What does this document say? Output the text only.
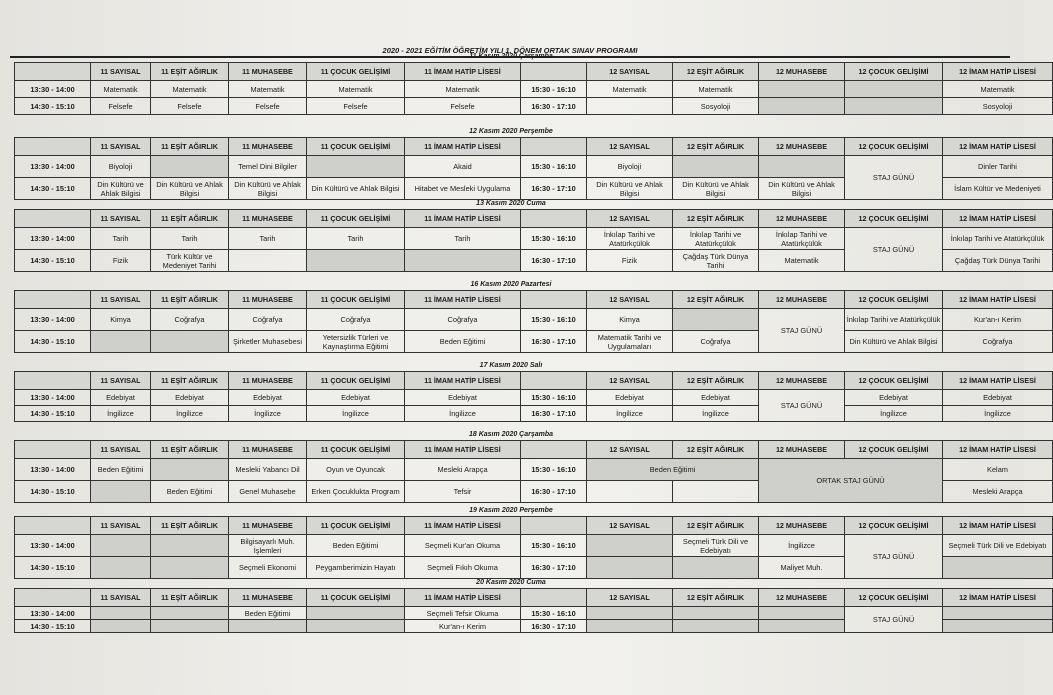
2020 - 2021 EĞİTİM ÖĞRETİM YILI 1. DÖNEM ORTAK SINAV PROGRAMI
11 Kasım 2020 Çarşamba
	11 SAYISAL	11 EŞİT AĞIRLIK	11 MUHASEBE	11 ÇOCUK GELİŞİMİ	11 İMAM HATİP LİSESİ		12 SAYISAL	12 EŞİT AĞIRLIK	12 MUHASEBE	12 ÇOCUK GELİŞİMİ	12 İMAM HATİP LİSESİ
13:30 - 14:00	Matematik	Matematik	Matematik	Matematik	Matematik	15:30 - 16:10	Matematik	Matematik			Matematik
14:30 - 15:10	Felsefe	Felsefe	Felsefe	Felsefe	Felsefe	16:30 - 17:10		Sosyoloji			Sosyoloji
12 Kasım 2020 Perşembe
	11 SAYISAL	11 EŞİT AĞIRLIK	11 MUHASEBE	11 ÇOCUK GELİŞİMİ	11 İMAM HATİP LİSESİ		12 SAYISAL	12 EŞİT AĞIRLIK	12 MUHASEBE	12 ÇOCUK GELİŞİMİ	12 İMAM HATİP LİSESİ
13:30 - 14:00	Biyoloji		Temel Dini Bilgiler		Akaid	15:30 - 16:10	Biyoloji			STAJ GÜNÜ	Dinler Tarihi
14:30 - 15:10	Din Kültürü ve Ahlak Bilgisi	Din Kültürü ve Ahlak Bilgisi	Din Kültürü ve Ahlak Bilgisi	Din Kültürü ve Ahlak Bilgisi	Hitabet ve Mesleki Uygulama	16:30 - 17:10	Din Kültürü ve Ahlak Bilgisi	Din Kültürü ve Ahlak Bilgisi	Din Kültürü ve Ahlak Bilgisi		İslam Kültür ve Medeniyeti
13 Kasım 2020 Cuma
	11 SAYISAL	11 EŞİT AĞIRLIK	11 MUHASEBE	11 ÇOCUK GELİŞİMİ	11 İMAM HATİP LİSESİ		12 SAYISAL	12 EŞİT AĞIRLIK	12 MUHASEBE	12 ÇOCUK GELİŞİMİ	12 İMAM HATİP LİSESİ
13:30 - 14:00	Tarih	Tarih	Tarih	Tarih	Tarih	15:30 - 16:10	İnkılap Tarihi ve Atatürkçülük	İnkılap Tarihi ve Atatürkçülük	İnkılap Tarihi ve Atatürkçülük	STAJ GÜNÜ	İnkılap Tarihi ve Atatürkçülük
14:30 - 15:10	Fizik	Türk Kültür ve Medeniyet Tarihi				16:30 - 17:10	Fizik	Çağdaş Türk Dünya Tarihi	Matematik		Çağdaş Türk Dünya Tarihi
16 Kasım 2020 Pazartesi
	11 SAYISAL	11 EŞİT AĞIRLIK	11 MUHASEBE	11 ÇOCUK GELİŞİMİ	11 İMAM HATİP LİSESİ		12 SAYISAL	12 EŞİT AĞIRLIK	12 MUHASEBE	12 ÇOCUK GELİŞİMİ	12 İMAM HATİP LİSESİ
13:30 - 14:00	Kimya	Coğrafya	Coğrafya	Coğrafya	Coğrafya	15:30 - 16:10	Kimya		STAJ GÜNÜ	İnkılap Tarihi ve Atatürkçülük	Kur'an-ı Kerim
14:30 - 15:10			Şirketler Muhasebesi	Yetersizlik Türleri ve Kaynaştırma Eğitimi	Beden Eğitimi	16:30 - 17:10	Matematik Tarihi ve Uygulamaları	Coğrafya		Din Kültürü ve Ahlak Bilgisi	Coğrafya
17 Kasım 2020 Salı
	11 SAYISAL	11 EŞİT AĞIRLIK	11 MUHASEBE	11 ÇOCUK GELİŞİMİ	11 İMAM HATİP LİSESİ		12 SAYISAL	12 EŞİT AĞIRLIK	12 MUHASEBE	12 ÇOCUK GELİŞİMİ	12 İMAM HATİP LİSESİ
13:30 - 14:00	Edebiyat	Edebiyat	Edebiyat	Edebiyat	Edebiyat	15:30 - 16:10	Edebiyat	Edebiyat	STAJ GÜNÜ	Edebiyat	Edebiyat
14:30 - 15:10	İngilizce	İngilizce	İngilizce	İngilizce	İngilizce	16:30 - 17:10	İngilizce	İngilizce		İngilizce	İngilizce
18 Kasım 2020 Çarşamba
	11 SAYISAL	11 EŞİT AĞIRLIK	11 MUHASEBE	11 ÇOCUK GELİŞİMİ	11 İMAM HATİP LİSESİ		12 SAYISAL	12 EŞİT AĞIRLIK	12 MUHASEBE	12 ÇOCUK GELİŞİMİ	12 İMAM HATİP LİSESİ
13:30 - 14:00	Beden Eğitimi		Mesleki Yabancı Dil	Oyun ve Oyuncak	Mesleki Arapça	15:30 - 16:10	Beden Eğitimi		ORTAK STAJ GÜNÜ		Kelam
14:30 - 15:10		Beden Eğitimi	Genel Muhasebe	Erken Çocuklukta Program	Tefsir	16:30 - 17:10					Mesleki Arapça
19 Kasım 2020 Perşembe
	11 SAYISAL	11 EŞİT AĞIRLIK	11 MUHASEBE	11 ÇOCUK GELİŞİMİ	11 İMAM HATİP LİSESİ		12 SAYISAL	12 EŞİT AĞIRLIK	12 MUHASEBE	12 ÇOCUK GELİŞİMİ	12 İMAM HATİP LİSESİ
13:30 - 14:00			Bilgisayarlı Muh. İşlemleri	Beden Eğitimi	Seçmeli Kur'an Okuma	15:30 - 16:10		Seçmeli Türk Dili ve Edebiyatı	İngilizce	STAJ GÜNÜ	Seçmeli Türk Dili ve Edebiyatı
14:30 - 15:10			Seçmeli Ekonomi	Peygamberimizin Hayatı	Seçmeli Fıkıh Okuma	16:30 - 17:10			Maliyet Muh.		
20 Kasım 2020 Cuma
	11 SAYISAL	11 EŞİT AĞIRLIK	11 MUHASEBE	11 ÇOCUK GELİŞİMİ	11 İMAM HATİP LİSESİ		12 SAYISAL	12 EŞİT AĞIRLIK	12 MUHASEBE	12 ÇOCUK GELİŞİMİ	12 İMAM HATİP LİSESİ
13:30 - 14:00			Beden Eğitimi		Seçmeli Tefsir Okuma	15:30 - 16:10				STAJ GÜNÜ	
14:30 - 15:10					Kur'an-ı Kerim	16:30 - 17:10					
